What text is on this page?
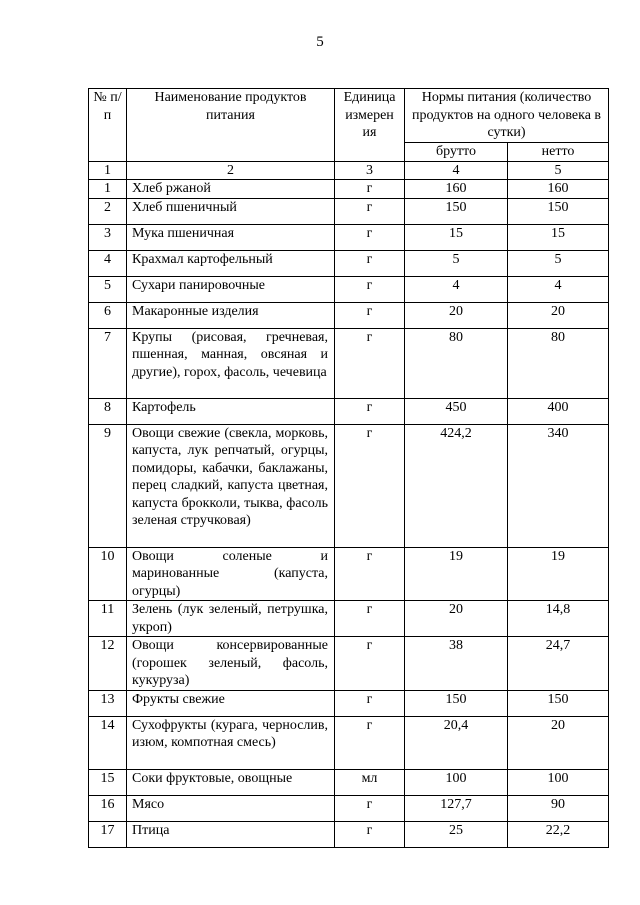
5
№ п/п	Наименование продуктов питания	Единица измерен ия	Нормы питания (количество продуктов на одного человека в сутки)	
			брутто	нетто
1	2	3	4	5
1	Хлеб ржаной	г	160	160
2	Хлеб пшеничный	г	150	150
3	Мука пшеничная	г	15	15
4	Крахмал картофельный	г	5	5
5	Сухари панировочные	г	4	4
6	Макаронные изделия	г	20	20
7	Крупы (рисовая, гречневая, пшенная, манная, овсяная и другие), горох, фасоль, чечевица	г	80	80
8	Картофель	г	450	400
9	Овощи свежие (свекла, морковь, капуста, лук репчатый, огурцы, помидоры, кабачки, баклажаны, перец сладкий, капуста цветная, капуста брокколи, тыква, фасоль зеленая стручковая)	г	424,2	340
10	Овощи соленые и маринованные (капуста, огурцы)	г	19	19
11	Зелень (лук зеленый, петрушка, укроп)	г	20	14,8
12	Овощи консервированные (горошек зеленый, фасоль, кукуруза)	г	38	24,7
13	Фрукты свежие	г	150	150
14	Сухофрукты (курага, чернослив, изюм, компотная смесь)	г	20,4	20
15	Соки фруктовые, овощные	мл	100	100
16	Мясо	г	127,7	90
17	Птица	г	25	22,2
